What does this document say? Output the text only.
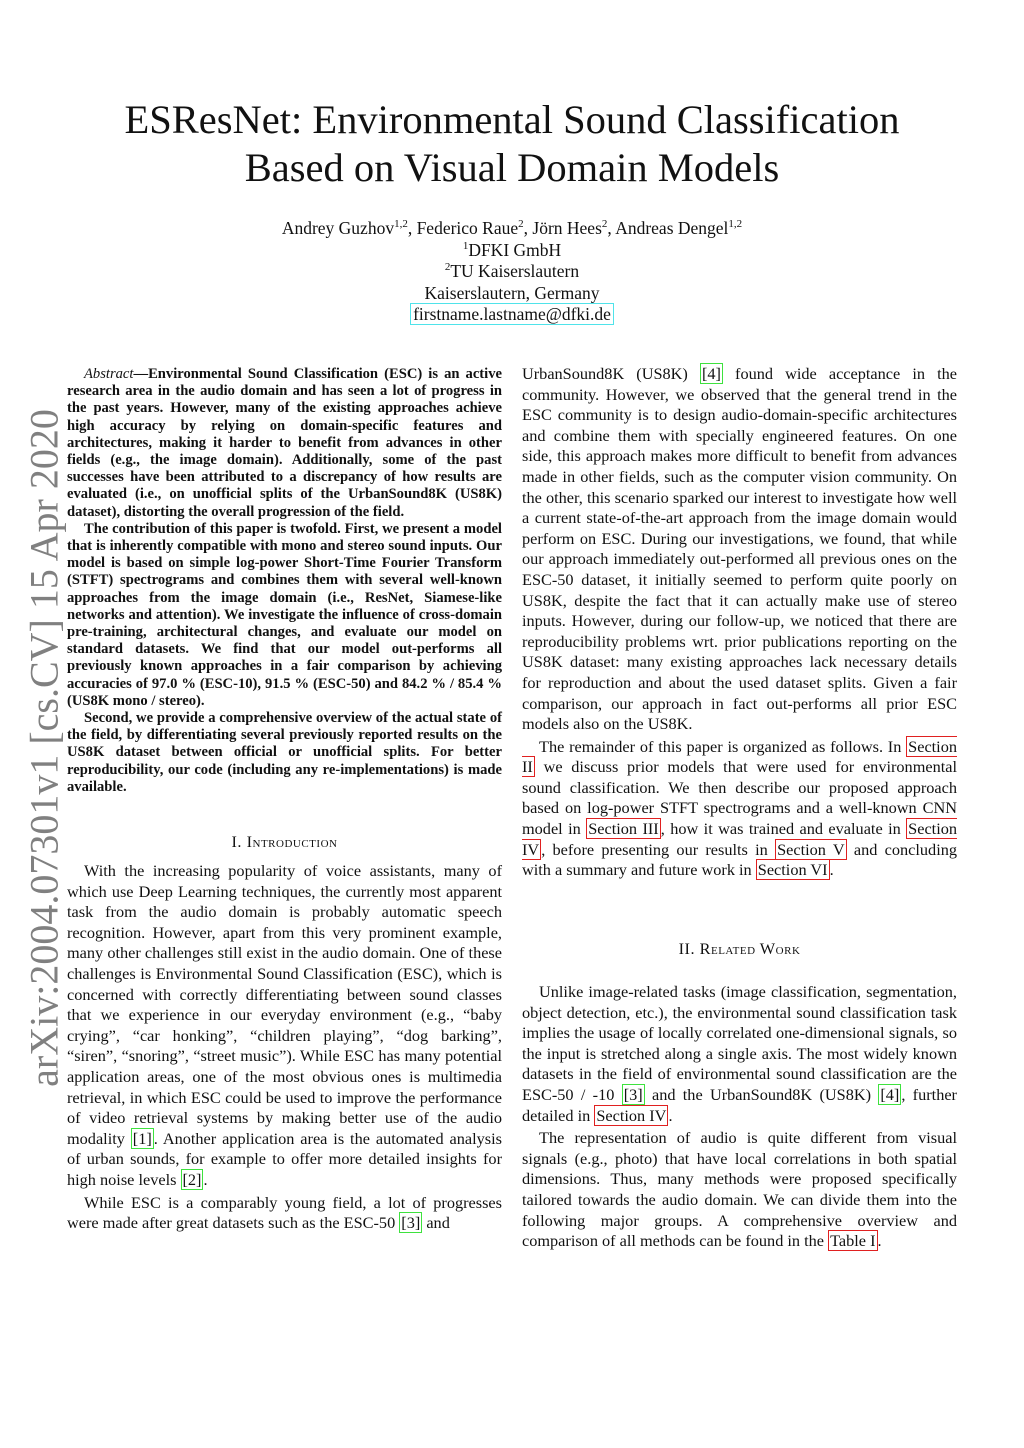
arXiv:2004.07301v1 [cs.CV] 15 Apr 2020
ESResNet: Environmental Sound Classification
Based on Visual Domain Models
Andrey Guzhov$^{1,2}$, Federico Raue$^2$, Jörn Hees$^2$, Andreas Dengel$^{1,2}$
$^1$DFKI GmbH
$^2$TU Kaiserslautern
Kaiserslautern, Germany
firstname.lastname@dfki.de

Abstract—Environmental Sound Classification (ESC) is an active research area in the audio domain and has seen a lot of progress in the past years. However, many of the existing approaches achieve high accuracy by relying on domain-specific features and architectures, making it harder to benefit from advances in other fields (e.g., the image domain). Additionally, some of the past successes have been attributed to a discrepancy of how results are evaluated (i.e., on unofficial splits of the UrbanSound8K (US8K) dataset), distorting the overall progression of the field.

The contribution of this paper is twofold. First, we present a model that is inherently compatible with mono and stereo sound inputs. Our model is based on simple log-power Short-Time Fourier Transform (STFT) spectrograms and combines them with several well-known approaches from the image domain (i.e., ResNet, Siamese-like networks and attention). We investigate the influence of cross-domain pre-training, architectural changes, and evaluate our model on standard datasets. We find that our model out-performs all previously known approaches in a fair comparison by achieving accuracies of 97.0 % (ESC-10), 91.5 % (ESC-50) and 84.2 % / 85.4 % (US8K mono / stereo).

Second, we provide a comprehensive overview of the actual state of the field, by differentiating several previously reported results on the US8K dataset between official or unofficial splits. For better reproducibility, our code (including any re-implementations) is made available.

I. Introduction

With the increasing popularity of voice assistants, many of which use Deep Learning techniques, the currently most apparent task from the audio domain is probably automatic speech recognition. However, apart from this very prominent example, many other challenges still exist in the audio domain. One of these challenges is Environmental Sound Classification (ESC), which is concerned with correctly differentiating between sound classes that we experience in our everyday environment (e.g., “baby crying”, “car honking”, “children playing”, “dog barking”, “siren”, “snoring”, “street music”). While ESC has many potential application areas, one of the most obvious ones is multimedia retrieval, in which ESC could be used to improve the performance of video retrieval systems by making better use of the audio modality [1] . Another application area is the automated analysis of urban sounds, for example to offer more detailed insights for high noise levels [2] .

While ESC is a comparably young field, a lot of progresses were made after great datasets such as the ESC-50 [3] and

UrbanSound8K (US8K) [4] found wide acceptance in the community. However, we observed that the general trend in the ESC community is to design audio-domain-specific architectures and combine them with specially engineered features. On one side, this approach makes more difficult to benefit from advances made in other fields, such as the computer vision community. On the other, this scenario sparked our interest to investigate how well a current state-of-the-art approach from the image domain would perform on ESC. During our investigations, we found, that while our approach immediately out-performed all previous ones on the ESC-50 dataset, it initially seemed to perform quite poorly on US8K, despite the fact that it can actually make use of stereo inputs. However, during our follow-up, we noticed that there are reproducibility problems wrt. prior publications reporting on the US8K dataset: many existing approaches lack necessary details for reproduction and about the used dataset splits. Given a fair comparison, our approach in fact out-performs all prior ESC models also on the US8K.

The remainder of this paper is organized as follows. In Section II we discuss prior models that were used for environmental sound classification. We then describe our proposed approach based on log-power STFT spectrograms and a well-known CNN model in Section III , how it was trained and evaluate in Section IV , before presenting our results in Section V and concluding with a summary and future work in Section VI .

II. Related Work

Unlike image-related tasks (image classification, segmentation, object detection, etc.), the environmental sound classification task implies the usage of locally correlated one-dimensional signals, so the input is stretched along a single axis. The most widely known datasets in the field of environmental sound classification are the ESC-50 / -10 [3] and the UrbanSound8K (US8K) [4] , further detailed in Section IV .

The representation of audio is quite different from visual signals (e.g., photo) that have local correlations in both spatial dimensions. Thus, many methods were proposed specifically tailored towards the audio domain. We can divide them into the following major groups. A comprehensive overview and comparison of all methods can be found in the Table I .
